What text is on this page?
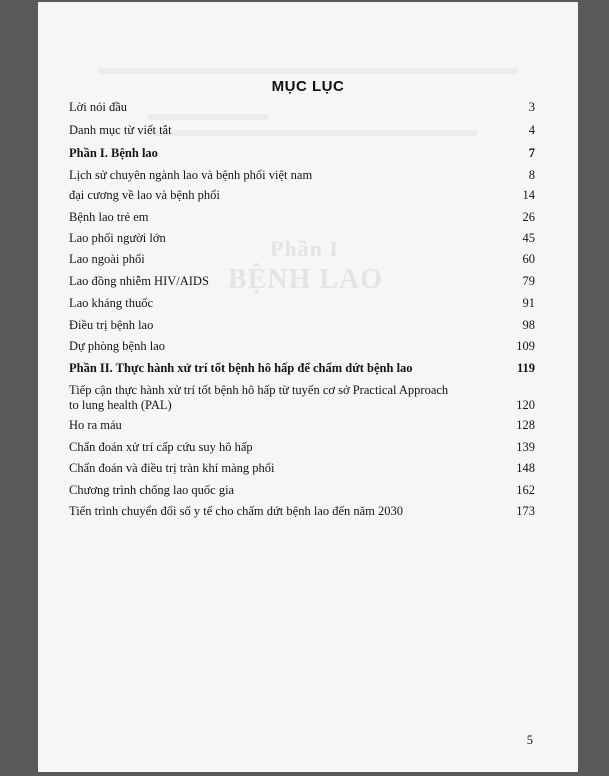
Phần I
BỆNH LAO
MỤC LỤC
Lời nói đầu	3
Danh mục từ viết tắt	4
Phần I. Bệnh lao	7
Lịch sử chuyên ngành lao và bệnh phổi việt nam	8
đại cương về lao và bệnh phổi	14
Bệnh lao trẻ em	26
Lao phổi người lớn	45
Lao ngoài phổi	60
Lao đồng nhiễm HIV/AIDS	79
Lao kháng thuốc	91
Điều trị bệnh lao	98
Dự phòng bệnh lao	109
Phần II. Thực hành xử trí tốt bệnh hô hấp để chấm dứt bệnh lao	119
Tiếp cận thực hành xử trí tốt bệnh hô hấp từ tuyến cơ sở Practical Approach to lung health (PAL)	120
Ho ra máu	128
Chẩn đoán xử trí cấp cứu suy hô hấp	139
Chẩn đoán và điều trị tràn khí màng phổi	148
Chương trình chống lao quốc gia	162
Tiến trình chuyển đổi số y tế cho chấm dứt bệnh lao đến năm 2030	173
5
